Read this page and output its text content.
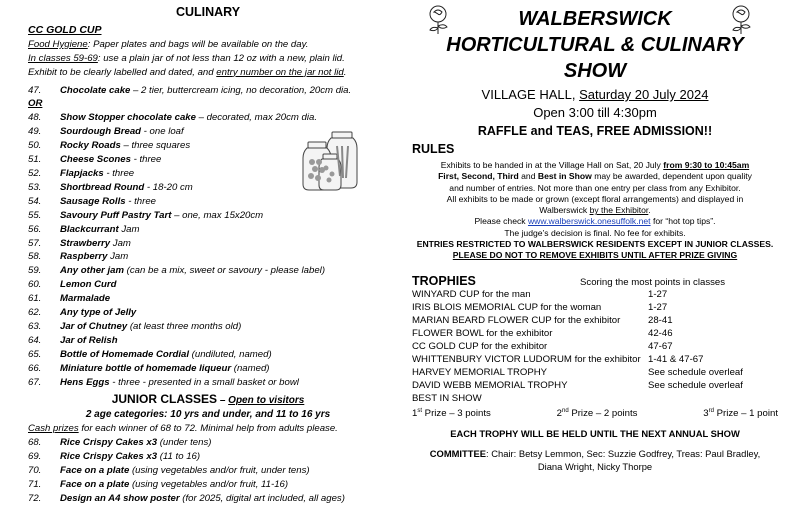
CULINARY
CC GOLD CUP
Food Hygiene: Paper plates and bags will be available on the day.
In classes 59-69: use a plain jar of not less than 12 oz with a new, plain lid.
Exhibit to be clearly labelled and dated, and entry number on the jar not lid.
47.	Chocolate cake – 2 tier, buttercream icing, no decoration, 20cm dia.
OR
48.	Show Stopper chocolate cake – decorated, max 20cm dia.
49.	Sourdough Bread - one loaf
50.	Rocky Roads – three squares
51.	Cheese Scones - three
52.	Flapjacks - three
53.	Shortbread Round - 18-20 cm
54.	Sausage Rolls - three
55.	Savoury Puff Pastry Tart – one, max 15x20cm
56.	Blackcurrant Jam
57.	Strawberry Jam
58.	Raspberry Jam
59.	Any other jam (can be a mix, sweet or savoury - please label)
60.	Lemon Curd
61.	Marmalade
62.	Any type of Jelly
63.	Jar of Chutney (at least three months old)
64.	Jar of Relish
65.	Bottle of Homemade Cordial (undiluted, named)
66.	Miniature bottle of homemade liqueur (named)
67.	Hens Eggs - three - presented in a small basket or bowl
JUNIOR CLASSES – Open to visitors
2 age categories: 10 yrs and under, and 11 to 16 yrs
Cash prizes for each winner of 68 to 72. Minimal help from adults please.
68.	Rice Crispy Cakes x3 (under tens)
69.	Rice Crispy Cakes x3 (11 to 16)
70.	Face on a plate (using vegetables and/or fruit, under tens)
71.	Face on a plate (using vegetables and/or fruit, 11-16)
72.	Design an A4 show poster (for 2025, digital art included, all ages)
WALBERSWICK
HORTICULTURAL & CULINARY
SHOW
VILLAGE HALL, Saturday 20 July 2024
Open 3:00 till 4:30pm
RAFFLE and TEAS, FREE ADMISSION!!
RULES
Exhibits to be handed in at the Village Hall on Sat, 20 July from 9:30 to 10:45am
First, Second, Third and Best in Show may be awarded, dependent upon quality
and number of entries. Not more than one entry per class from any Exhibitor.
All exhibits to be made or grown (except floral arrangements) and displayed in
Walberswick by the Exhibitor.
Please check www.walberswick.onesuffolk.net for “hot top tips”.
The judge’s decision is final. No fee for exhibits.
ENTRIES RESTRICTED TO WALBERSWICK RESIDENTS EXCEPT IN JUNIOR CLASSES.
PLEASE DO NOT TO REMOVE EXHIBITS UNTIL AFTER PRIZE GIVING
TROPHIES	Scoring the most points in classes
WINYARD CUP for the man	1-27
IRIS BLOIS MEMORIAL CUP for the woman	1-27
MARIAN BEARD FLOWER CUP for the exhibitor	28-41
FLOWER BOWL for the exhibitor	42-46
CC GOLD CUP for the exhibitor	47-67
WHITTENBURY VICTOR LUDORUM for the exhibitor 1-41 & 47-67
HARVEY MEMORIAL TROPHY	See schedule overleaf
DAVID WEBB MEMORIAL TROPHY	See schedule overleaf
BEST IN SHOW
1st Prize – 3 points	2nd Prize – 2 points	3rd Prize – 1 point
EACH TROPHY WILL BE HELD UNTIL THE NEXT ANNUAL SHOW
COMMITTEE: Chair: Betsy Lemmon, Sec: Suzzie Godfrey, Treas: Paul Bradley,
Diana Wright, Nicky Thorpe
